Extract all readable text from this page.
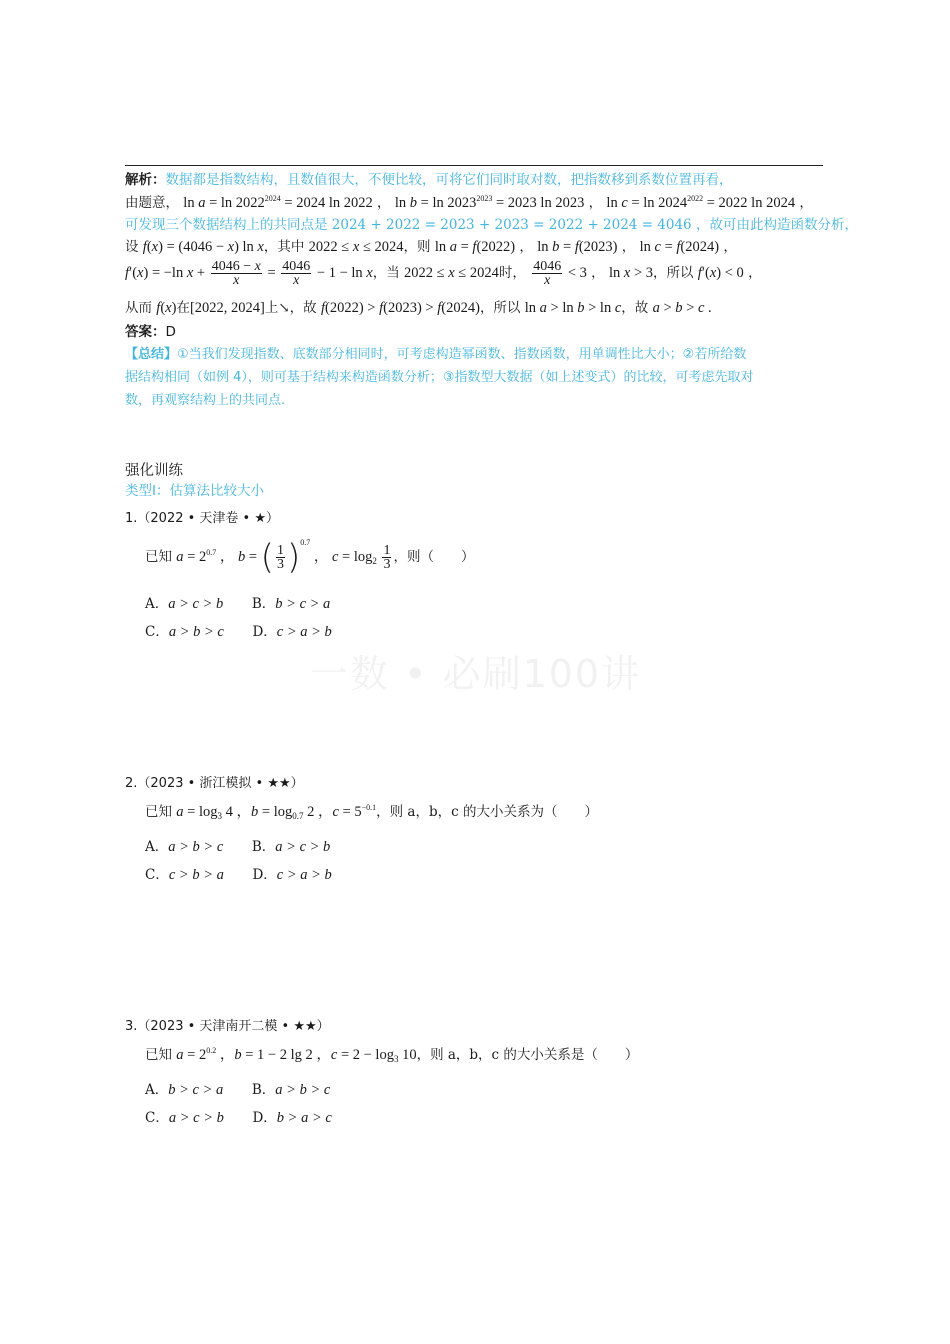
解析：数据都是指数结构，且数值很大，不便比较，可将它们同时取对数，把指数移到系数位置再看，
由题意， $\ln a = \ln 2022^{2024} = 2024$ ln 2022 ， $\ln b = \ln 2023^{2023} = 2023$ ln 2023 ， $\ln c = \ln 2024^{2022} = 2022$ ln 2024 ，
可发现三个数据结构上的共同点是 2024 + 2022 = 2023 + 2023 = 2022 + 2024 = 4046 ，故可由此构造函数分析，
设 f(x) = (4046 − x) ln x，其中 2022 ≤ x ≤ 2024，则 ln a = f(2022) ， ln b = f(2023) ， ln c = f(2024) ，
f′(x) = −ln $x + \frac{4046 - x}{x} = \frac{4046}{x} - 1 - \ln x$，当 2022 ≤ x ≤ 2024时， $\frac{4046}{x} < 3$ ， ln x > 3，所以 f′(x) < 0 ，
从而 f(x)在[2022, 2024]上↘，故 f(2022) > f(2023) > f(2024)，所以 ln a > ln b > ln c，故 a > b > c .
答案：D
【总结】①当我们发现指数、底数部分相同时，可考虑构造幂函数、指数函数，用单调性比大小；②若所给数
据结构相同（如例 4），则可基于结构来构造函数分析；③指数型大数据（如上述变式）的比较，可考虑先取对
数，再观察结构上的共同点.
强化训练
类型Ⅰ：估算法比较大小
一数 • 必刷100讲
1.（2022 • 天津卷 • ★）
已知 $a = 2^{0.7}$ ， b = ( $\frac{1}{3} )^{0.7}$ ， $c = \log_2 \frac{1}{3}$ ，则（　　）
A．a > c > b B．b > c > a
C．a > b > c D．c > a > b
2.（2023 • 浙江模拟 • ★★）
已知 $a = \log_3 4$ ，$b = \log_{0.7} 2$ ，$c = 5^{-0.1}$，则 a，b，c 的大小关系为（　　）
A．a > b > c B．a > c > b
C．c > b > a D．c > a > b
3.（2023 • 天津南开二模 • ★★）
已知 $a = 2^{0.2}$ ，b = 1 − 2 lg 2 ，$c = 2 - \log_3 10$，则 a，b，c 的大小关系是（　　）
A．b > c > a B．a > b > c
C．a > c > b D．b > a > c
